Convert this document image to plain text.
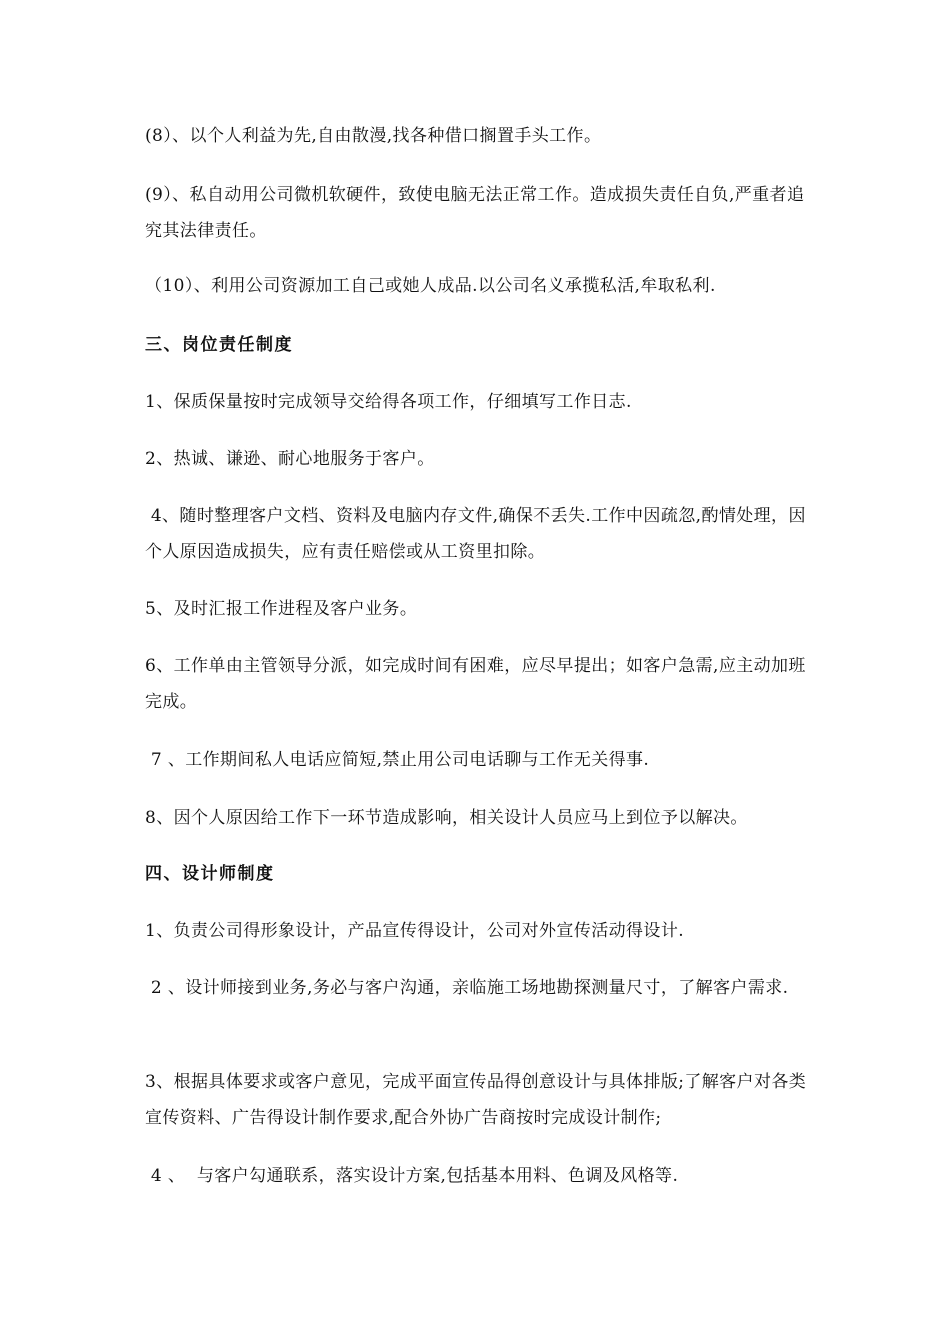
(8）、以个人利益为先,自由散漫,找各种借口搁置手头工作。

(9）、私自动用公司微机软硬件，致使电脑无法正常工作。造成损失责任自负,严重者追究其法律责任。

（10）、利用公司资源加工自己或她人成品.以公司名义承揽私活,牟取私利.

三、岗位责任制度

1、保质保量按时完成领导交给得各项工作，仔细填写工作日志.

2、热诚、谦逊、耐心地服务于客户。

4、随时整理客户文档、资料及电脑内存文件,确保不丢失.工作中因疏忽,酌情处理，因个人原因造成损失，应有责任赔偿或从工资里扣除。

5、及时汇报工作进程及客户业务。

6、工作单由主管领导分派，如完成时间有困难，应尽早提出；如客户急需,应主动加班完成。

7 、工作期间私人电话应简短,禁止用公司电话聊与工作无关得事.

8、因个人原因给工作下一环节造成影响，相关设计人员应马上到位予以解决。

四、设计师制度

1、负责公司得形象设计，产品宣传得设计，公司对外宣传活动得设计.

2 、设计师接到业务,务必与客户沟通，亲临施工场地勘探测量尺寸，了解客户需求.

3、根据具体要求或客户意见，完成平面宣传品得创意设计与具体排版;了解客户对各类宣传资料、广告得设计制作要求,配合外协广告商按时完成设计制作;

4 、  与客户勾通联系，落实设计方案,包括基本用料、色调及风格等.
